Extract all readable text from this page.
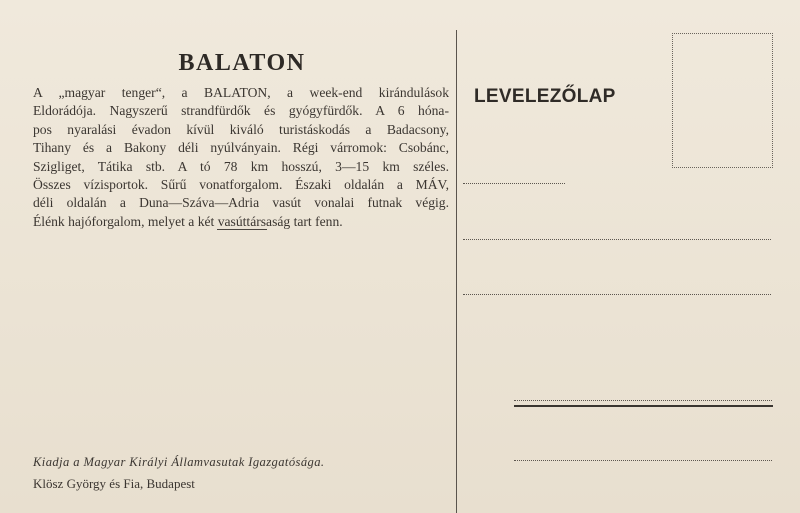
BALATON
A „magyar tenger“, a BALATON, a week-end kirándulások
Eldorádója. Nagyszerű strandfürdők és gyógyfürdők. A 6 hóna-
pos nyaralási évadon kívül kiváló turistáskodás a Badacsony,
Tihany és a Bakony déli nyúlványain. Régi várromok: Csobánc,
Szigliget, Tátika stb. A tó 78 km hosszú, 3—15 km széles.
Összes vízisportok. Sűrű vonatforgalom. Északi oldalán a MÁV,
déli oldalán a Duna—Száva—Adria vasút vonalai futnak végig.
Élénk hajóforgalom, melyet a két vasúttársaság tart fenn.
Kiadja a Magyar Királyi Államvasutak Igazgatósága.
Klösz György és Fia, Budapest
LEVELEZŐLAP
